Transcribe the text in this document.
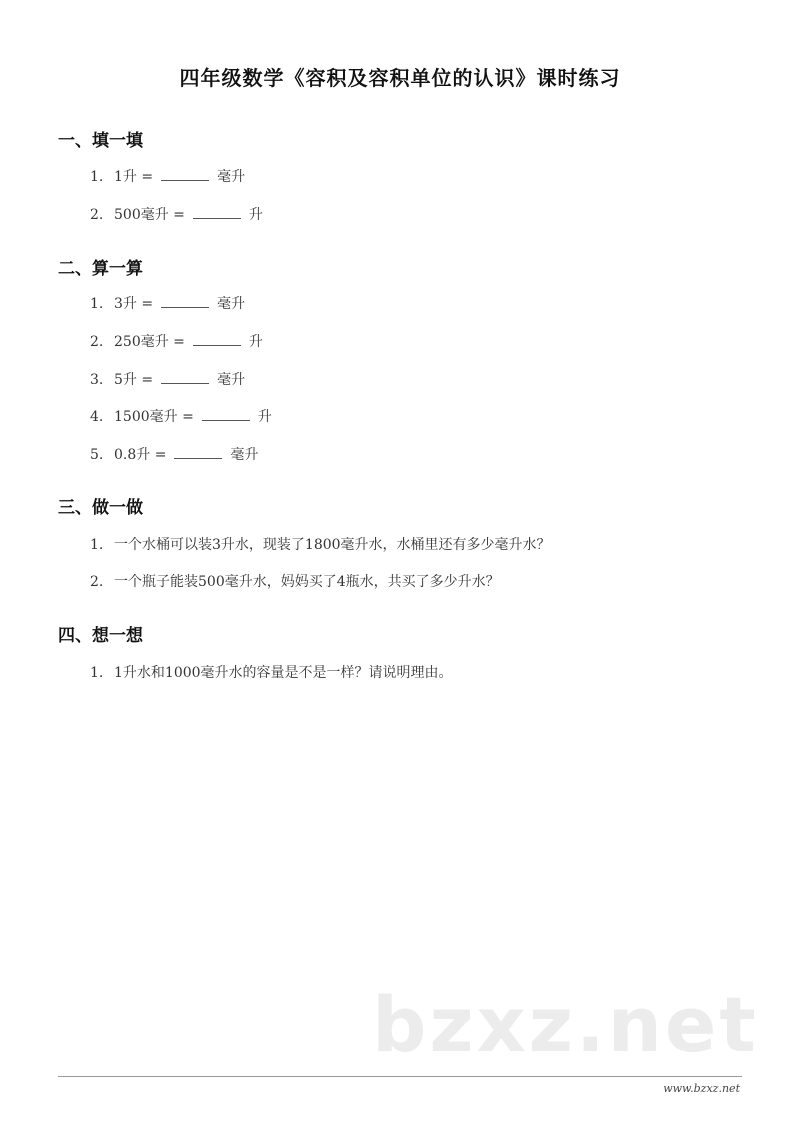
四年级数学《容积及容积单位的认识》课时练习
一、填一填
1. 1升 =	毫升
2. 500毫升 =	升
二、算一算
1. 3升 =	毫升
2. 250毫升 =	升
3. 5升 =	毫升
4. 1500毫升 =	升
5. 0.8升 =	毫升
三、做一做
1. 一个水桶可以装3升水，现装了1800毫升水，水桶里还有多少毫升水？
2. 一个瓶子能装500毫升水，妈妈买了4瓶水，共买了多少升水？
四、想一想
1. 1升水和1000毫升水的容量是不是一样？请说明理由。
bzxz.net
www.bzxz.net
